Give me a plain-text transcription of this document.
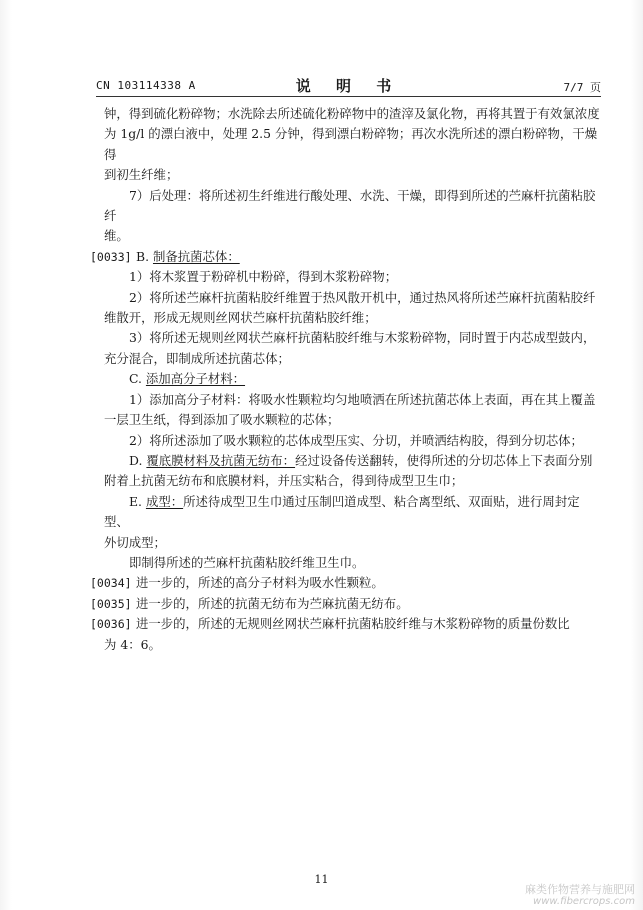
CN 103114338 A	说 明 书	7/7 页

钟，得到硫化粉碎物；水洗除去所述硫化粉碎物中的渣滓及氯化物，再将其置于有效氯浓度

为 1g/l 的漂白液中，处理 2.5 分钟，得到漂白粉碎物；再次水洗所述的漂白粉碎物，干燥得

到初生纤维；

7）后处理：将所述初生纤维进行酸处理、水洗、干燥，即得到所述的苎麻杆抗菌粘胶纤

维。

[0033] B. 制备抗菌芯体：

1）将木浆置于粉碎机中粉碎，得到木浆粉碎物；

2）将所述苎麻杆抗菌粘胶纤维置于热风散开机中，通过热风将所述苎麻杆抗菌粘胶纤

维散开，形成无规则丝网状苎麻杆抗菌粘胶纤维；

3）将所述无规则丝网状苎麻杆抗菌粘胶纤维与木浆粉碎物，同时置于内芯成型鼓内，

充分混合，即制成所述抗菌芯体；

C. 添加高分子材料：

1）添加高分子材料：将吸水性颗粒均匀地喷洒在所述抗菌芯体上表面，再在其上覆盖

一层卫生纸，得到添加了吸水颗粒的芯体；

2）将所述添加了吸水颗粒的芯体成型压实、分切，并喷洒结构胶，得到分切芯体；

D. 覆底膜材料及抗菌无纺布：经过设备传送翻转，使得所述的分切芯体上下表面分别

附着上抗菌无纺布和底膜材料，并压实粘合，得到待成型卫生巾；

E. 成型：所述待成型卫生巾通过压制凹道成型、粘合离型纸、双面贴，进行周封定型、

外切成型；

即制得所述的苎麻杆抗菌粘胶纤维卫生巾。

[0034] 进一步的，所述的高分子材料为吸水性颗粒。

[0035] 进一步的，所述的抗菌无纺布为苎麻抗菌无纺布。

[0036] 进一步的，所述的无规则丝网状苎麻杆抗菌粘胶纤维与木浆粉碎物的质量份数比

为 4：6。

11
麻类作物营养与施肥网
www.fibercrops.com
